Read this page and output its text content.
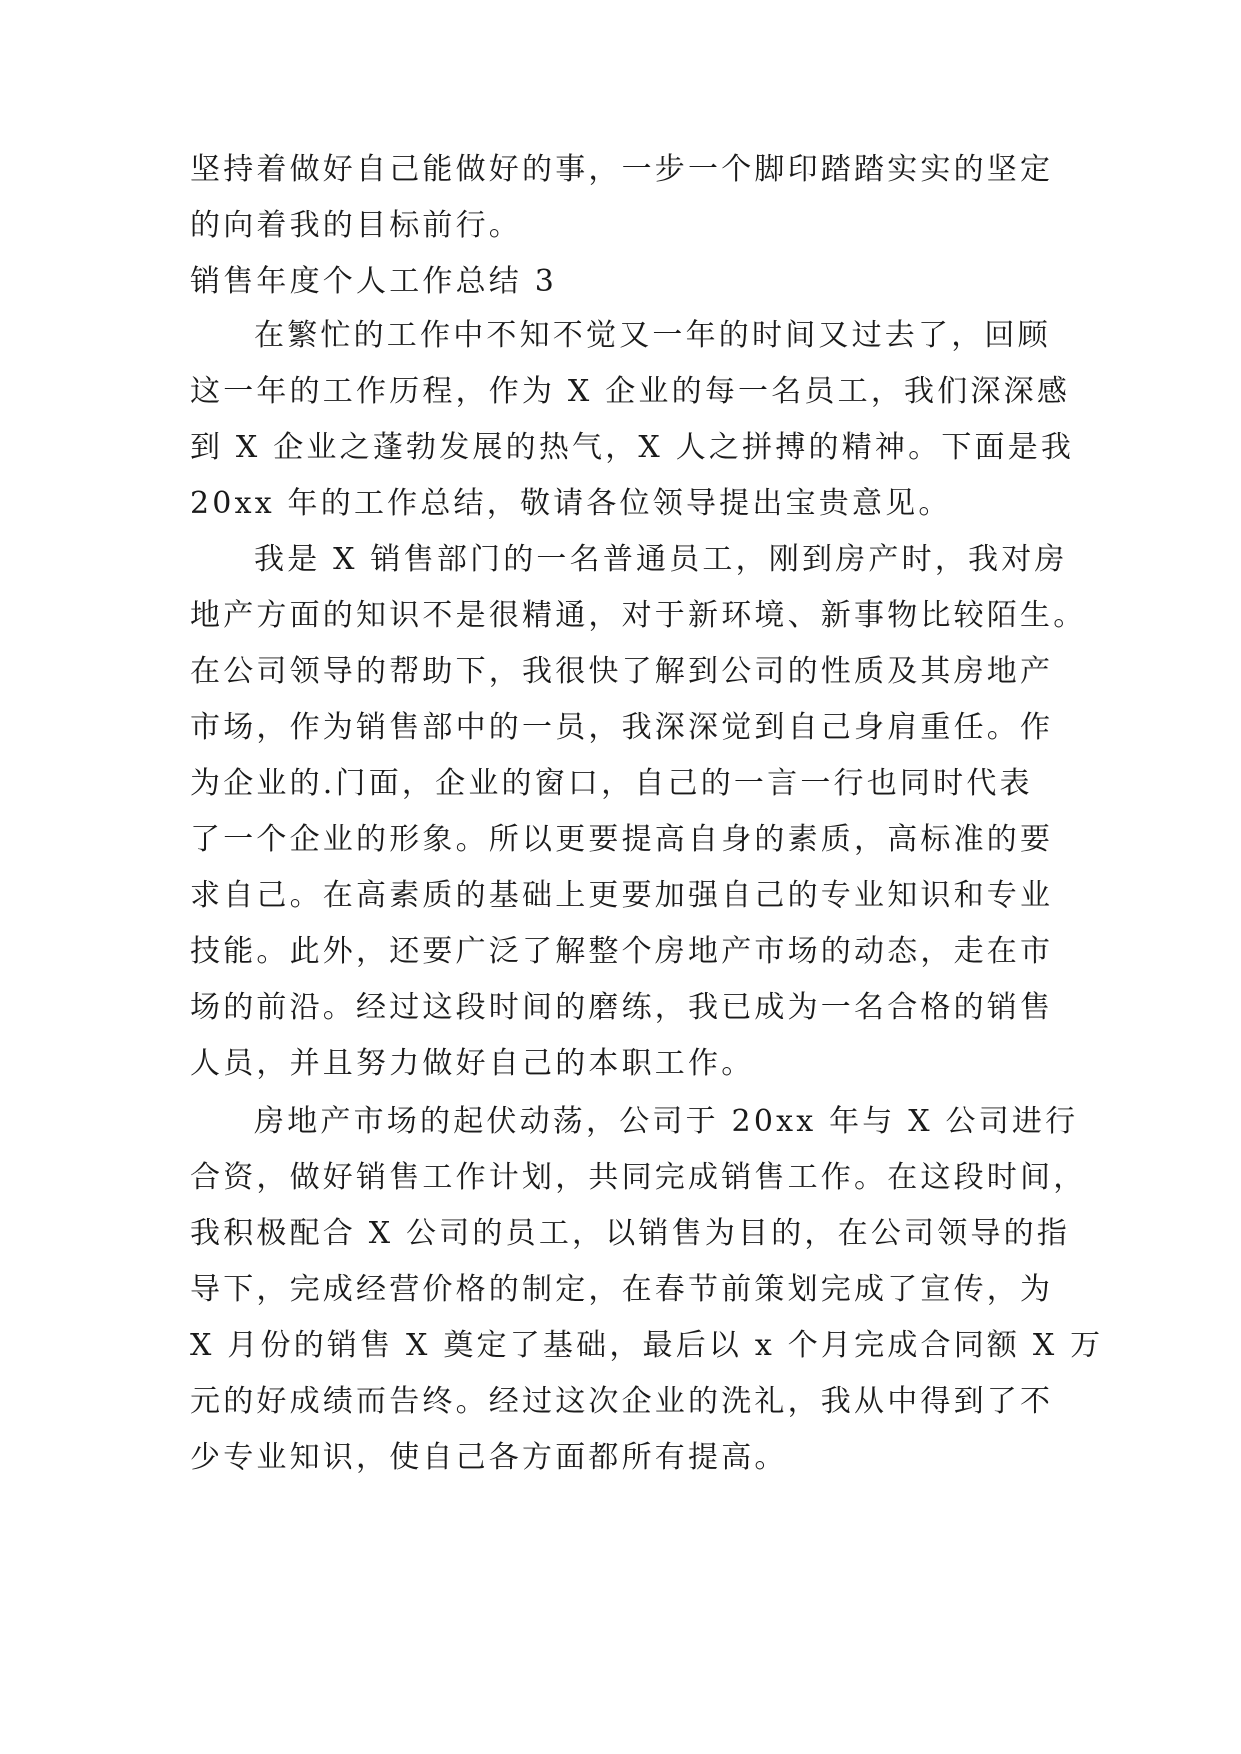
坚持着做好自己能做好的事，一步一个脚印踏踏实实的坚定
的向着我的目标前行。
销售年度个人工作总结 3
在繁忙的工作中不知不觉又一年的时间又过去了，回顾
这一年的工作历程，作为 X 企业的每一名员工，我们深深感
到 X 企业之蓬勃发展的热气，X 人之拼搏的精神。下面是我
20xx 年的工作总结，敬请各位领导提出宝贵意见。
我是 X 销售部门的一名普通员工，刚到房产时，我对房
地产方面的知识不是很精通，对于新环境、新事物比较陌生。
在公司领导的帮助下，我很快了解到公司的性质及其房地产
市场，作为销售部中的一员，我深深觉到自己身肩重任。作
为企业的.门面，企业的窗口，自己的一言一行也同时代表
了一个企业的形象。所以更要提高自身的素质，高标准的要
求自己。在高素质的基础上更要加强自己的专业知识和专业
技能。此外，还要广泛了解整个房地产市场的动态，走在市
场的前沿。经过这段时间的磨练，我已成为一名合格的销售
人员，并且努力做好自己的本职工作。
房地产市场的起伏动荡，公司于 20xx 年与 X 公司进行
合资，做好销售工作计划，共同完成销售工作。在这段时间，
我积极配合 X 公司的员工，以销售为目的，在公司领导的指
导下，完成经营价格的制定，在春节前策划完成了宣传，为
X 月份的销售 X 奠定了基础，最后以 x 个月完成合同额 X 万
元的好成绩而告终。经过这次企业的洗礼，我从中得到了不
少专业知识，使自己各方面都所有提高。
